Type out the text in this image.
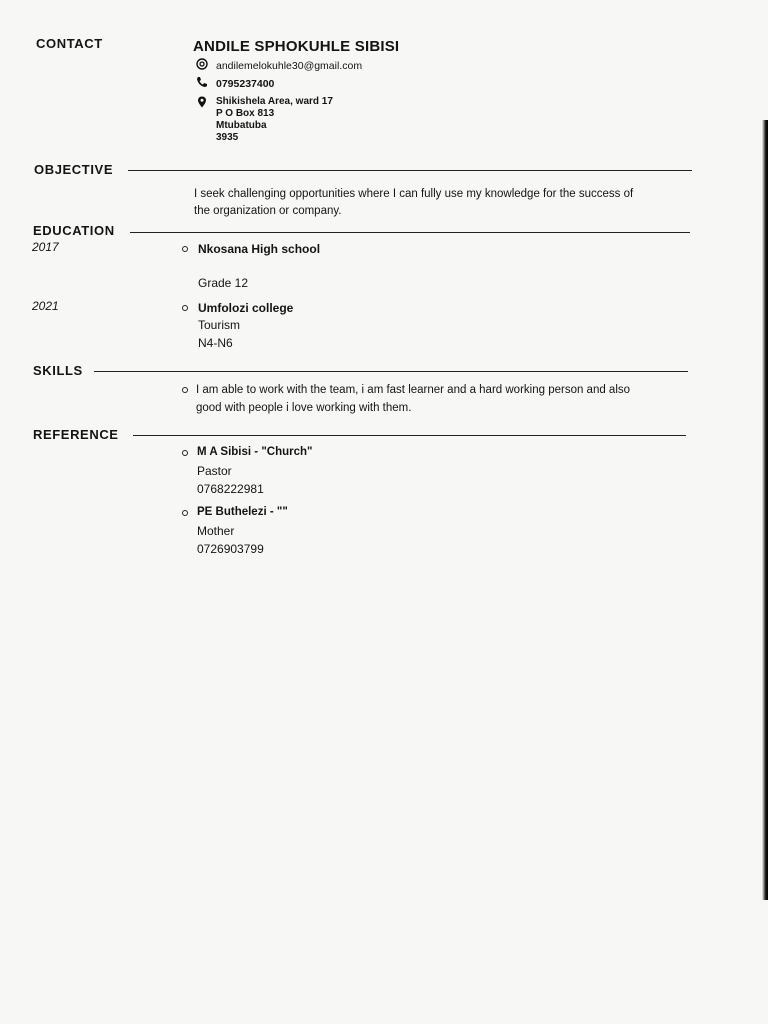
CONTACT	ANDILE SPHOKUHLE SIBISI
andilemelokuhle30@gmail.com
0795237400
Shikishela Area, ward 17
P O Box 813
Mtubatuba
3935
OBJECTIVE
I seek challenging opportunities where I can fully use my knowledge for the success of
the organization or company.
EDUCATION
2017	Nkosana High school
Grade 12
2021	Umfolozi college
Tourism
N4-N6
SKILLS
I am able to work with the team, i am fast learner and a hard working person and also
good with people i love working with them.
REFERENCE
M A Sibisi - "Church"
Pastor
0768222981
PE Buthelezi - ""
Mother
0726903799
